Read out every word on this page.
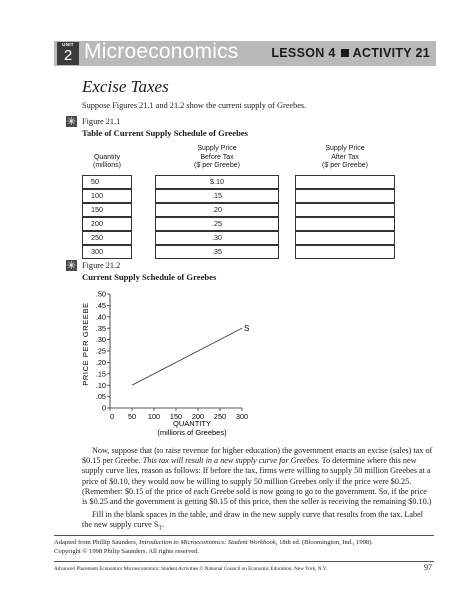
UNIT
2 Microeconomics	LESSON 4 ACTIVITY 21
Excise Taxes
Suppose Figures 21.1 and 21.2 show the current supply of Greebes.
✳ Figure 21.1
Table of Current Supply Schedule of Greebes

Quantity
(millions)
Supply Price
Before Tax
($ per Greebe)
Supply Price
After Tax
($ per Greebe)
50	$.10
100	.15
150	.20
200	.25
250	.30
300	.35
✳ Figure 21.2
Current Supply Schedule of Greebes
0
.05
.10
.15
.20
.25
.30
.35
.40
.45
.50
0 50 100 150 200 250 300
S
PRICE PER GREEBE
QUANTITY
(millions of Greebes)
Now, suppose that (to raise revenue for higher education) the government enacts an excise (sales) tax of $0.15 per Greebe. This tax will result in a new supply curve for Greebes. To determine where this new supply curve lies, reason as follows: If before the tax, firms were willing to supply 50 million Greebes at a price of $0.10, they would now be willing to supply 50 million Greebes only if the price were $0.25. (Remember: $0.15 of the price of each Greebe sold is now going to go to the government. So, if the price is $0.25 and the government is getting $0.15 of this price, then the seller is receiving the remaining $0.10.)
Fill in the blank spaces in the table, and draw in the new supply curve that results from the tax. Label the new supply curve $S_T$.
Adapted from Phillip Saunders, Introduction to Microeconomics: Student Workbook, 18th ed. (Bloomington, Ind., 1998).
Copyright © 1998 Philip Saunders. All rights reserved.
Advanced Placement Economics Microeconomics: Student Activities © National Council on Economic Education, New York, N.Y.	97
